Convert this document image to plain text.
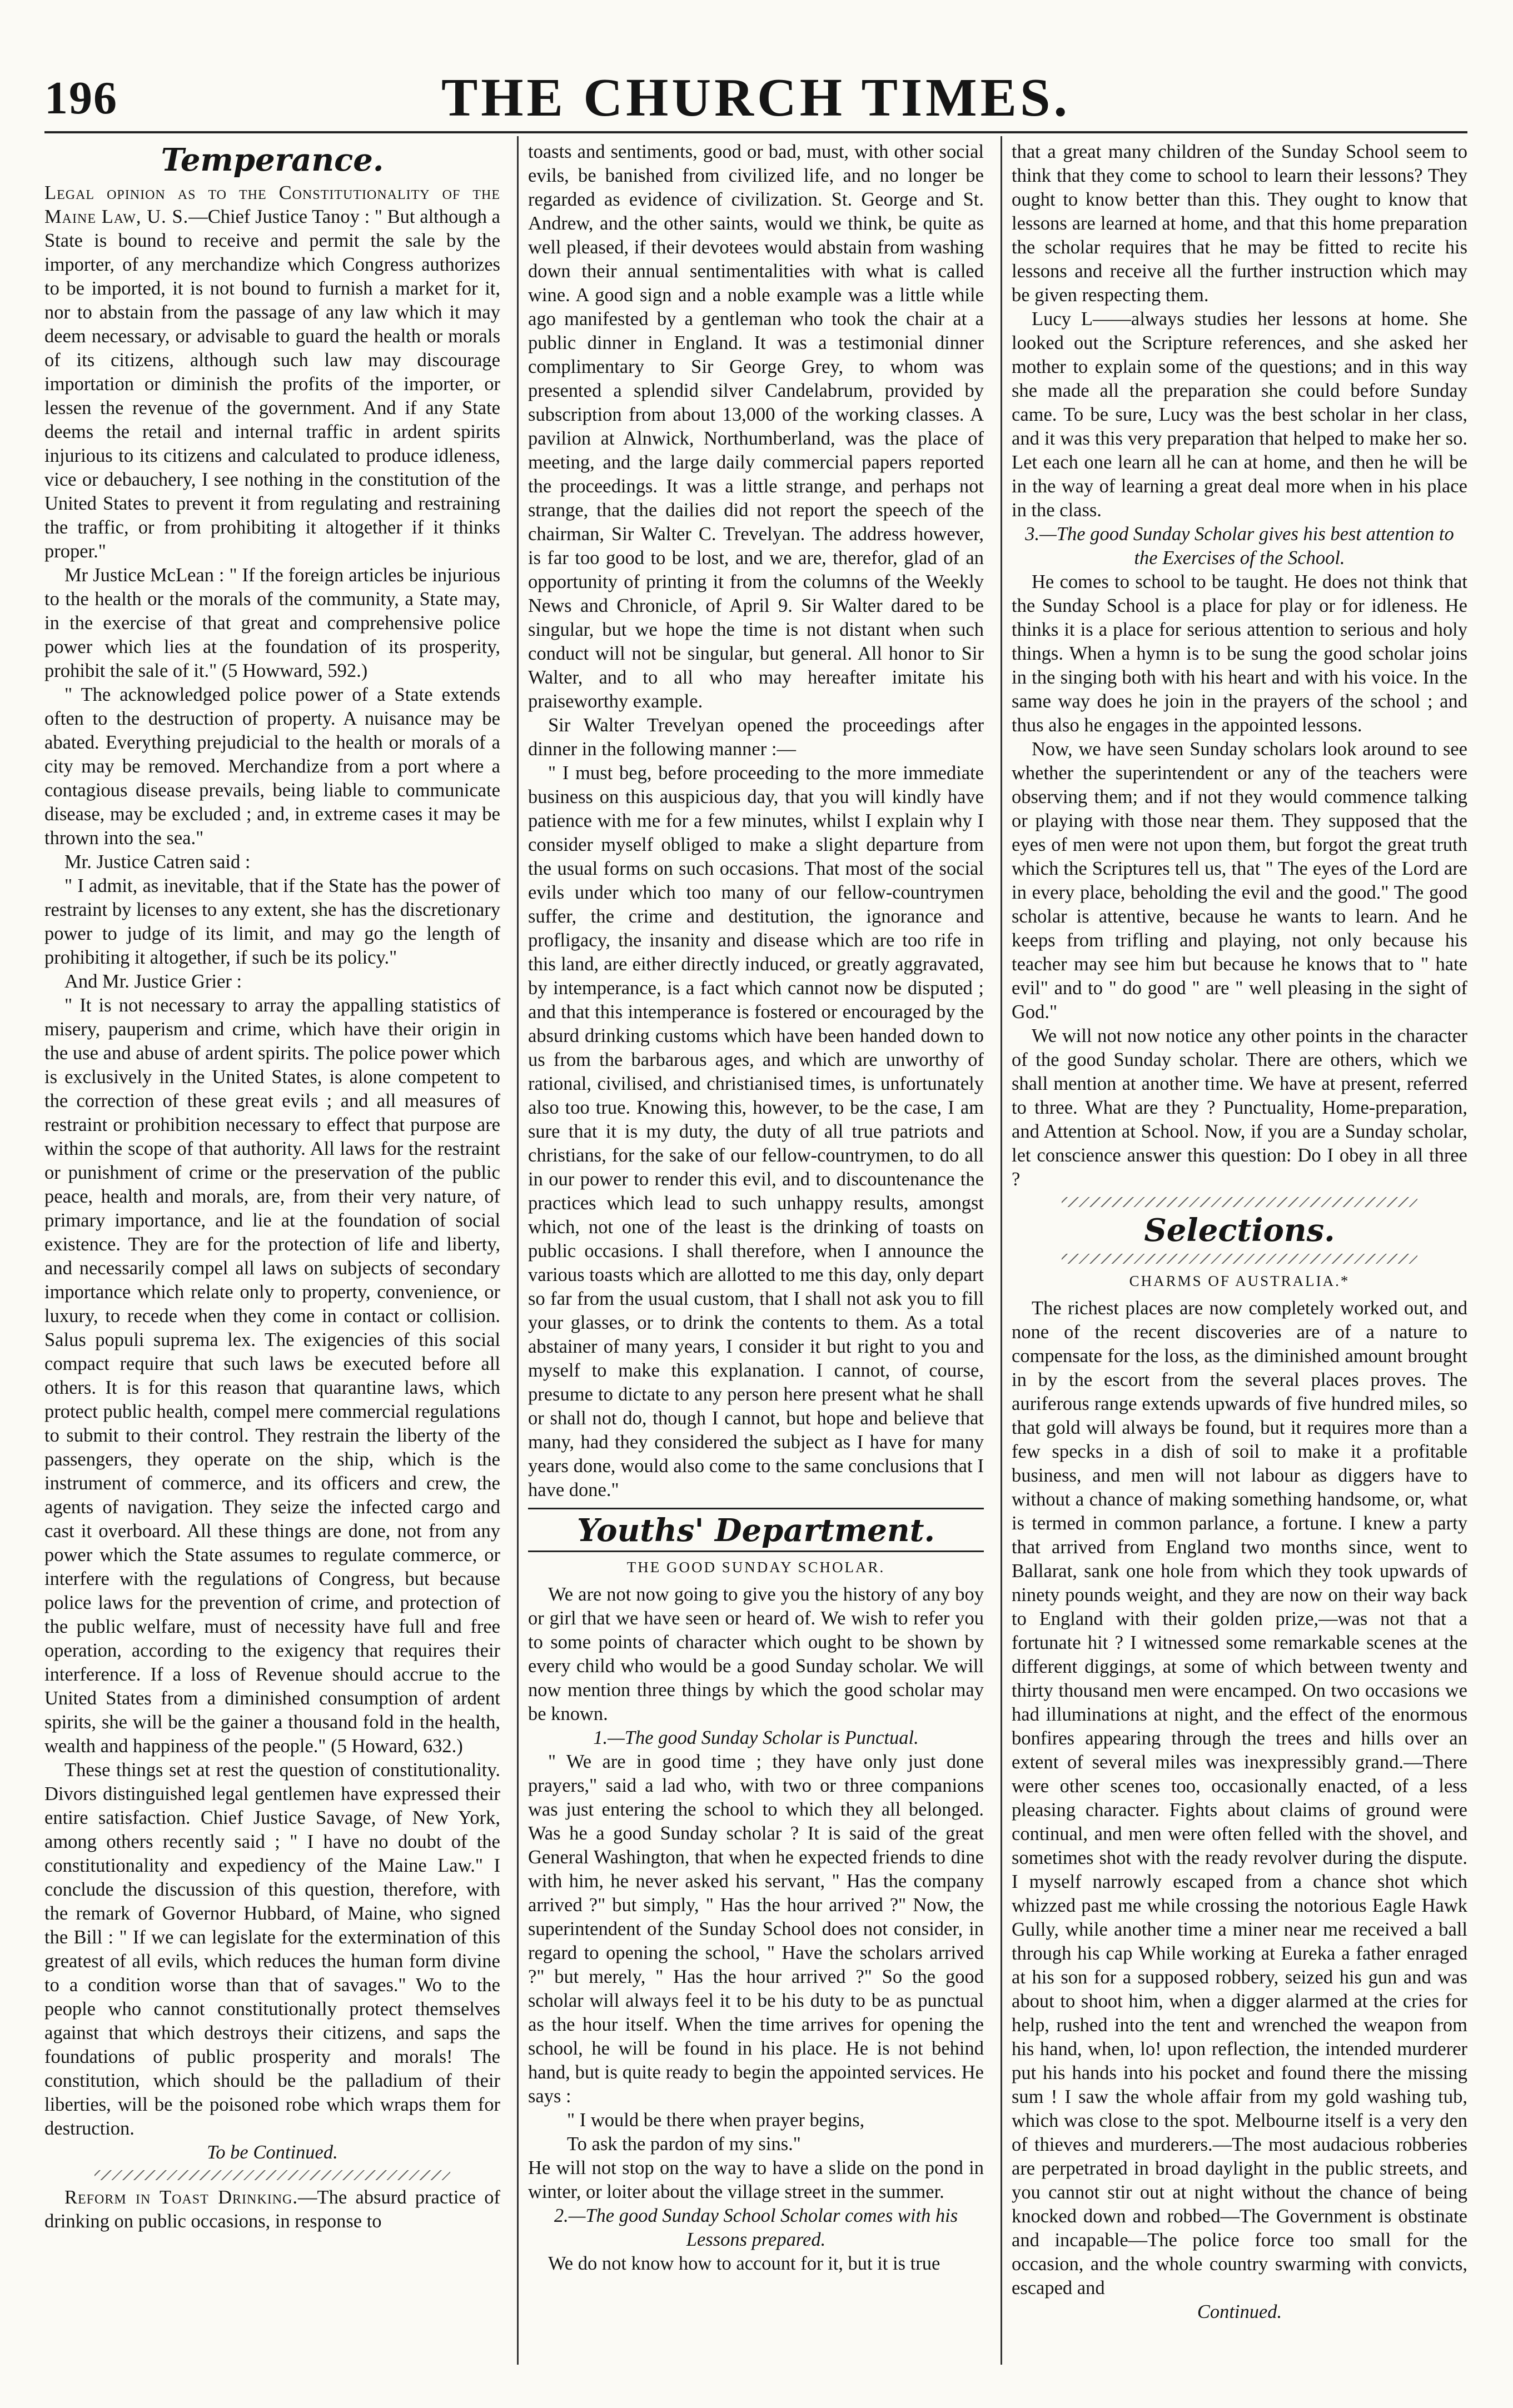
196	THE CHURCH TIMES.
Temperance.

Legal opinion as to the Constitutionality of the Maine Law, U. S.—Chief Justice Tanoy : " But although a State is bound to receive and permit the sale by the importer, of any merchandize which Congress authorizes to be imported, it is not bound to furnish a market for it, nor to abstain from the passage of any law which it may deem necessary, or advisable to guard the health or morals of its citizens, although such law may discourage importation or diminish the profits of the importer, or lessen the revenue of the government. And if any State deems the retail and internal traffic in ardent spirits injurious to its citizens and calculated to produce idleness, vice or debauchery, I see nothing in the constitution of the United States to prevent it from regulating and restraining the traffic, or from prohibiting it altogether if it thinks proper."

Mr Justice McLean : " If the foreign articles be injurious to the health or the morals of the community, a State may, in the exercise of that great and comprehensive police power which lies at the foundation of its prosperity, prohibit the sale of it." (5 Howward, 592.)

" The acknowledged police power of a State extends often to the destruction of property. A nuisance may be abated. Everything prejudicial to the health or morals of a city may be removed. Merchandize from a port where a contagious disease prevails, being liable to communicate disease, may be excluded ; and, in extreme cases it may be thrown into the sea."

Mr. Justice Catren said :

" I admit, as inevitable, that if the State has the power of restraint by licenses to any extent, she has the discretionary power to judge of its limit, and may go the length of prohibiting it altogether, if such be its policy."

And Mr. Justice Grier :

" It is not necessary to array the appalling statistics of misery, pauperism and crime, which have their origin in the use and abuse of ardent spirits. The police power which is exclusively in the United States, is alone competent to the correction of these great evils ; and all measures of restraint or prohibition necessary to effect that purpose are within the scope of that authority. All laws for the restraint or punishment of crime or the preservation of the public peace, health and morals, are, from their very nature, of primary importance, and lie at the foundation of social existence. They are for the protection of life and liberty, and necessarily compel all laws on subjects of secondary importance which relate only to property, convenience, or luxury, to recede when they come in contact or collision. Salus populi suprema lex. The exigencies of this social compact require that such laws be executed before all others. It is for this reason that quarantine laws, which protect public health, compel mere commercial regulations to submit to their control. They restrain the liberty of the passengers, they operate on the ship, which is the instrument of commerce, and its officers and crew, the agents of navigation. They seize the infected cargo and cast it overboard. All these things are done, not from any power which the State assumes to regulate commerce, or interfere with the regulations of Congress, but because police laws for the prevention of crime, and protection of the public welfare, must of necessity have full and free operation, according to the exigency that requires their interference. If a loss of Revenue should accrue to the United States from a diminished consumption of ardent spirits, she will be the gainer a thousand fold in the health, wealth and happiness of the people." (5 Howard, 632.)

These things set at rest the question of constitutionality. Divors distinguished legal gentlemen have expressed their entire satisfaction. Chief Justice Savage, of New York, among others recently said ; " I have no doubt of the constitutionality and expediency of the Maine Law." I conclude the discussion of this question, therefore, with the remark of Governor Hubbard, of Maine, who signed the Bill : " If we can legislate for the extermination of this greatest of all evils, which reduces the human form divine to a condition worse than that of savages." Wo to the people who cannot constitutionally protect themselves against that which destroys their citizens, and saps the foundations of public prosperity and morals! The constitution, which should be the palladium of their liberties, will be the poisoned robe which wraps them for destruction.

To be Continued.

Reform in Toast Drinking.—The absurd practice of drinking on public occasions, in response to

toasts and sentiments, good or bad, must, with other social evils, be banished from civilized life, and no longer be regarded as evidence of civilization. St. George and St. Andrew, and the other saints, would we think, be quite as well pleased, if their devotees would abstain from washing down their annual sentimentalities with what is called wine. A good sign and a noble example was a little while ago manifested by a gentleman who took the chair at a public dinner in England. It was a testimonial dinner complimentary to Sir George Grey, to whom was presented a splendid silver Candelabrum, provided by subscription from about 13,000 of the working classes. A pavilion at Alnwick, Northumberland, was the place of meeting, and the large daily commercial papers reported the proceedings. It was a little strange, and perhaps not strange, that the dailies did not report the speech of the chairman, Sir Walter C. Trevelyan. The address however, is far too good to be lost, and we are, therefor, glad of an opportunity of printing it from the columns of the Weekly News and Chronicle, of April 9. Sir Walter dared to be singular, but we hope the time is not distant when such conduct will not be singular, but general. All honor to Sir Walter, and to all who may hereafter imitate his praiseworthy example.

Sir Walter Trevelyan opened the proceedings after dinner in the following manner :—

" I must beg, before proceeding to the more immediate business on this auspicious day, that you will kindly have patience with me for a few minutes, whilst I explain why I consider myself obliged to make a slight departure from the usual forms on such occasions. That most of the social evils under which too many of our fellow-countrymen suffer, the crime and destitution, the ignorance and profligacy, the insanity and disease which are too rife in this land, are either directly induced, or greatly aggravated, by intemperance, is a fact which cannot now be disputed ; and that this intemperance is fostered or encouraged by the absurd drinking customs which have been handed down to us from the barbarous ages, and which are unworthy of rational, civilised, and christianised times, is unfortunately also too true. Knowing this, however, to be the case, I am sure that it is my duty, the duty of all true patriots and christians, for the sake of our fellow-countrymen, to do all in our power to render this evil, and to discountenance the practices which lead to such unhappy results, amongst which, not one of the least is the drinking of toasts on public occasions. I shall therefore, when I announce the various toasts which are allotted to me this day, only depart so far from the usual custom, that I shall not ask you to fill your glasses, or to drink the contents to them. As a total abstainer of many years, I consider it but right to you and myself to make this explanation. I cannot, of course, presume to dictate to any person here present what he shall or shall not do, though I cannot, but hope and believe that many, had they considered the subject as I have for many years done, would also come to the same conclusions that I have done."

Youths' Department.
THE GOOD SUNDAY SCHOLAR.

We are not now going to give you the history of any boy or girl that we have seen or heard of. We wish to refer you to some points of character which ought to be shown by every child who would be a good Sunday scholar. We will now mention three things by which the good scholar may be known.

1.—The good Sunday Scholar is Punctual.

" We are in good time ; they have only just done prayers," said a lad who, with two or three companions was just entering the school to which they all belonged. Was he a good Sunday scholar ? It is said of the great General Washington, that when he expected friends to dine with him, he never asked his servant, " Has the company arrived ?" but simply, " Has the hour arrived ?" Now, the superintendent of the Sunday School does not consider, in regard to opening the school, " Have the scholars arrived ?" but merely, " Has the hour arrived ?" So the good scholar will always feel it to be his duty to be as punctual as the hour itself. When the time arrives for opening the school, he will be found in his place. He is not behind hand, but is quite ready to begin the appointed services. He says :

" I would be there when prayer begins,

To ask the pardon of my sins."

He will not stop on the way to have a slide on the pond in winter, or loiter about the village street in the summer.

2.—The good Sunday School Scholar comes with his Lessons prepared.

We do not know how to account for it, but it is true

that a great many children of the Sunday School seem to think that they come to school to learn their lessons? They ought to know better than this. They ought to know that lessons are learned at home, and that this home preparation the scholar requires that he may be fitted to recite his lessons and receive all the further instruction which may be given respecting them.

Lucy L——always studies her lessons at home. She looked out the Scripture references, and she asked her mother to explain some of the questions; and in this way she made all the preparation she could before Sunday came. To be sure, Lucy was the best scholar in her class, and it was this very preparation that helped to make her so. Let each one learn all he can at home, and then he will be in the way of learning a great deal more when in his place in the class.

3.—The good Sunday Scholar gives his best attention to the Exercises of the School.

He comes to school to be taught. He does not think that the Sunday School is a place for play or for idleness. He thinks it is a place for serious attention to serious and holy things. When a hymn is to be sung the good scholar joins in the singing both with his heart and with his voice. In the same way does he join in the prayers of the school ; and thus also he engages in the appointed lessons.

Now, we have seen Sunday scholars look around to see whether the superintendent or any of the teachers were observing them; and if not they would commence talking or playing with those near them. They supposed that the eyes of men were not upon them, but forgot the great truth which the Scriptures tell us, that " The eyes of the Lord are in every place, beholding the evil and the good." The good scholar is attentive, because he wants to learn. And he keeps from trifling and playing, not only because his teacher may see him but because he knows that to " hate evil" and to " do good " are " well pleasing in the sight of God."

We will not now notice any other points in the character of the good Sunday scholar. There are others, which we shall mention at another time. We have at present, referred to three. What are they ? Punctuality, Home-preparation, and Attention at School. Now, if you are a Sunday scholar, let conscience answer this question: Do I obey in all three ?

Selections.
CHARMS OF AUSTRALIA.*

The richest places are now completely worked out, and none of the recent discoveries are of a nature to compensate for the loss, as the diminished amount brought in by the escort from the several places proves. The auriferous range extends upwards of five hundred miles, so that gold will always be found, but it requires more than a few specks in a dish of soil to make it a profitable business, and men will not labour as diggers have to without a chance of making something handsome, or, what is termed in common parlance, a fortune. I knew a party that arrived from England two months since, went to Ballarat, sank one hole from which they took upwards of ninety pounds weight, and they are now on their way back to England with their golden prize,—was not that a fortunate hit ? I witnessed some remarkable scenes at the different diggings, at some of which between twenty and thirty thousand men were encamped. On two occasions we had illuminations at night, and the effect of the enormous bonfires appearing through the trees and hills over an extent of several miles was inexpressibly grand.—There were other scenes too, occasionally enacted, of a less pleasing character. Fights about claims of ground were continual, and men were often felled with the shovel, and sometimes shot with the ready revolver during the dispute. I myself narrowly escaped from a chance shot which whizzed past me while crossing the notorious Eagle Hawk Gully, while another time a miner near me received a ball through his cap While working at Eureka a father enraged at his son for a supposed robbery, seized his gun and was about to shoot him, when a digger alarmed at the cries for help, rushed into the tent and wrenched the weapon from his hand, when, lo! upon reflection, the intended murderer put his hands into his pocket and found there the missing sum ! I saw the whole affair from my gold washing tub, which was close to the spot. Melbourne itself is a very den of thieves and murderers.—The most audacious robberies are perpetrated in broad daylight in the public streets, and you cannot stir out at night without the chance of being knocked down and robbed—The Government is obstinate and incapable—The police force too small for the occasion, and the whole country swarming with convicts, escaped and

Continued.
